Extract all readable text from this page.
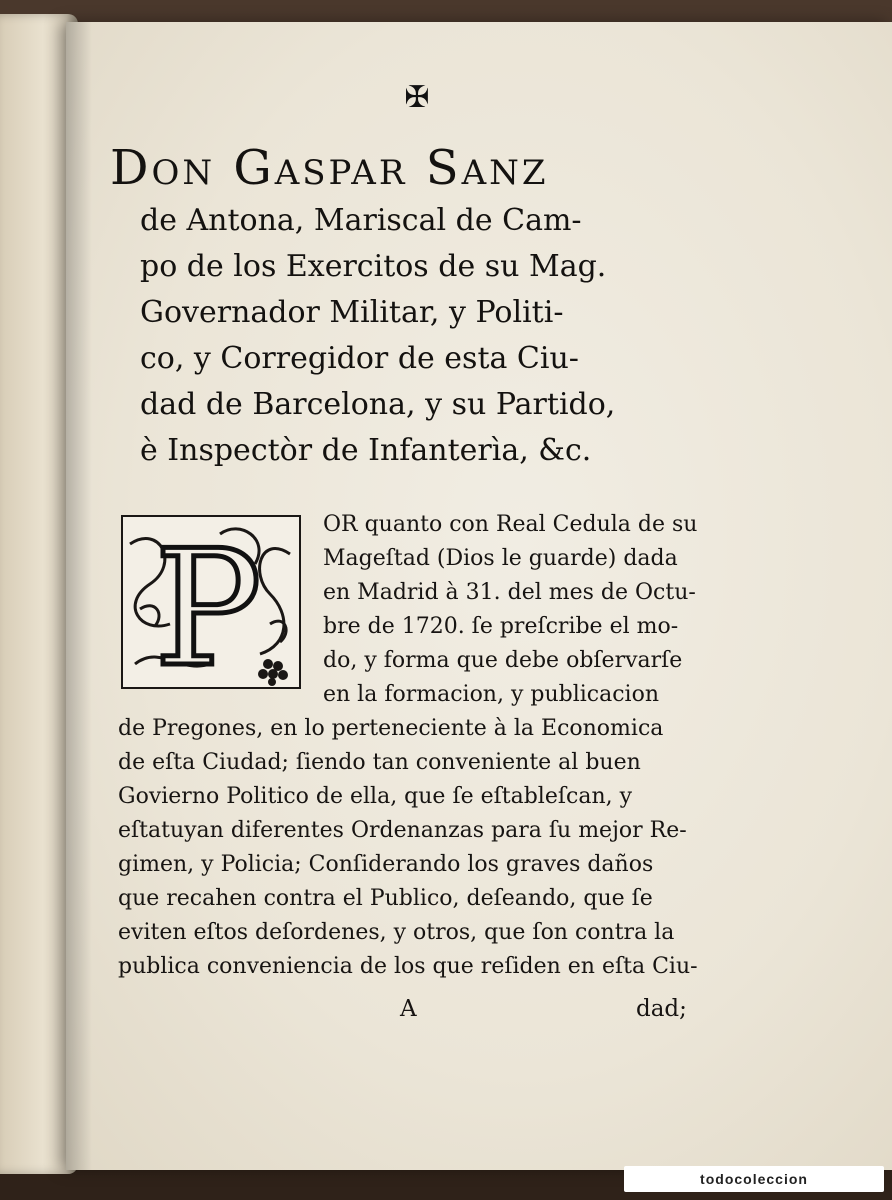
✠
Don Gaspar Sanz
de Antona, Mariscal de Cam-
po de los Exercitos de su Mag.
Governador Militar, y Politi-
co, y Corregidor de esta Ciu-
dad de Barcelona, y su Partido,
è Inspectòr de Infanterìa, &c.
P	OR quanto con Real Cedula de su
Mageſtad (Dios le guarde) dada
en Madrid à 31. del mes de Octu-
bre de 1720. ſe preſcribe el mo-
do, y forma que debe obſervarſe
en la formacion, y publicacion
de Pregones, en lo perteneciente à la Economica
de eſta Ciudad; ſiendo tan conveniente al buen
Govierno Politico de ella, que ſe eſtableſcan, y
eſtatuyan diferentes Ordenanzas para ſu mejor Re-
gimen, y Policia; Conſiderando los graves daños
que recahen contra el Publico, deſeando, que ſe
eviten eſtos deſordenes, y otros, que ſon contra la
publica conveniencia de los que reſiden en eſta Ciu-
A	dad;
todocoleccion
